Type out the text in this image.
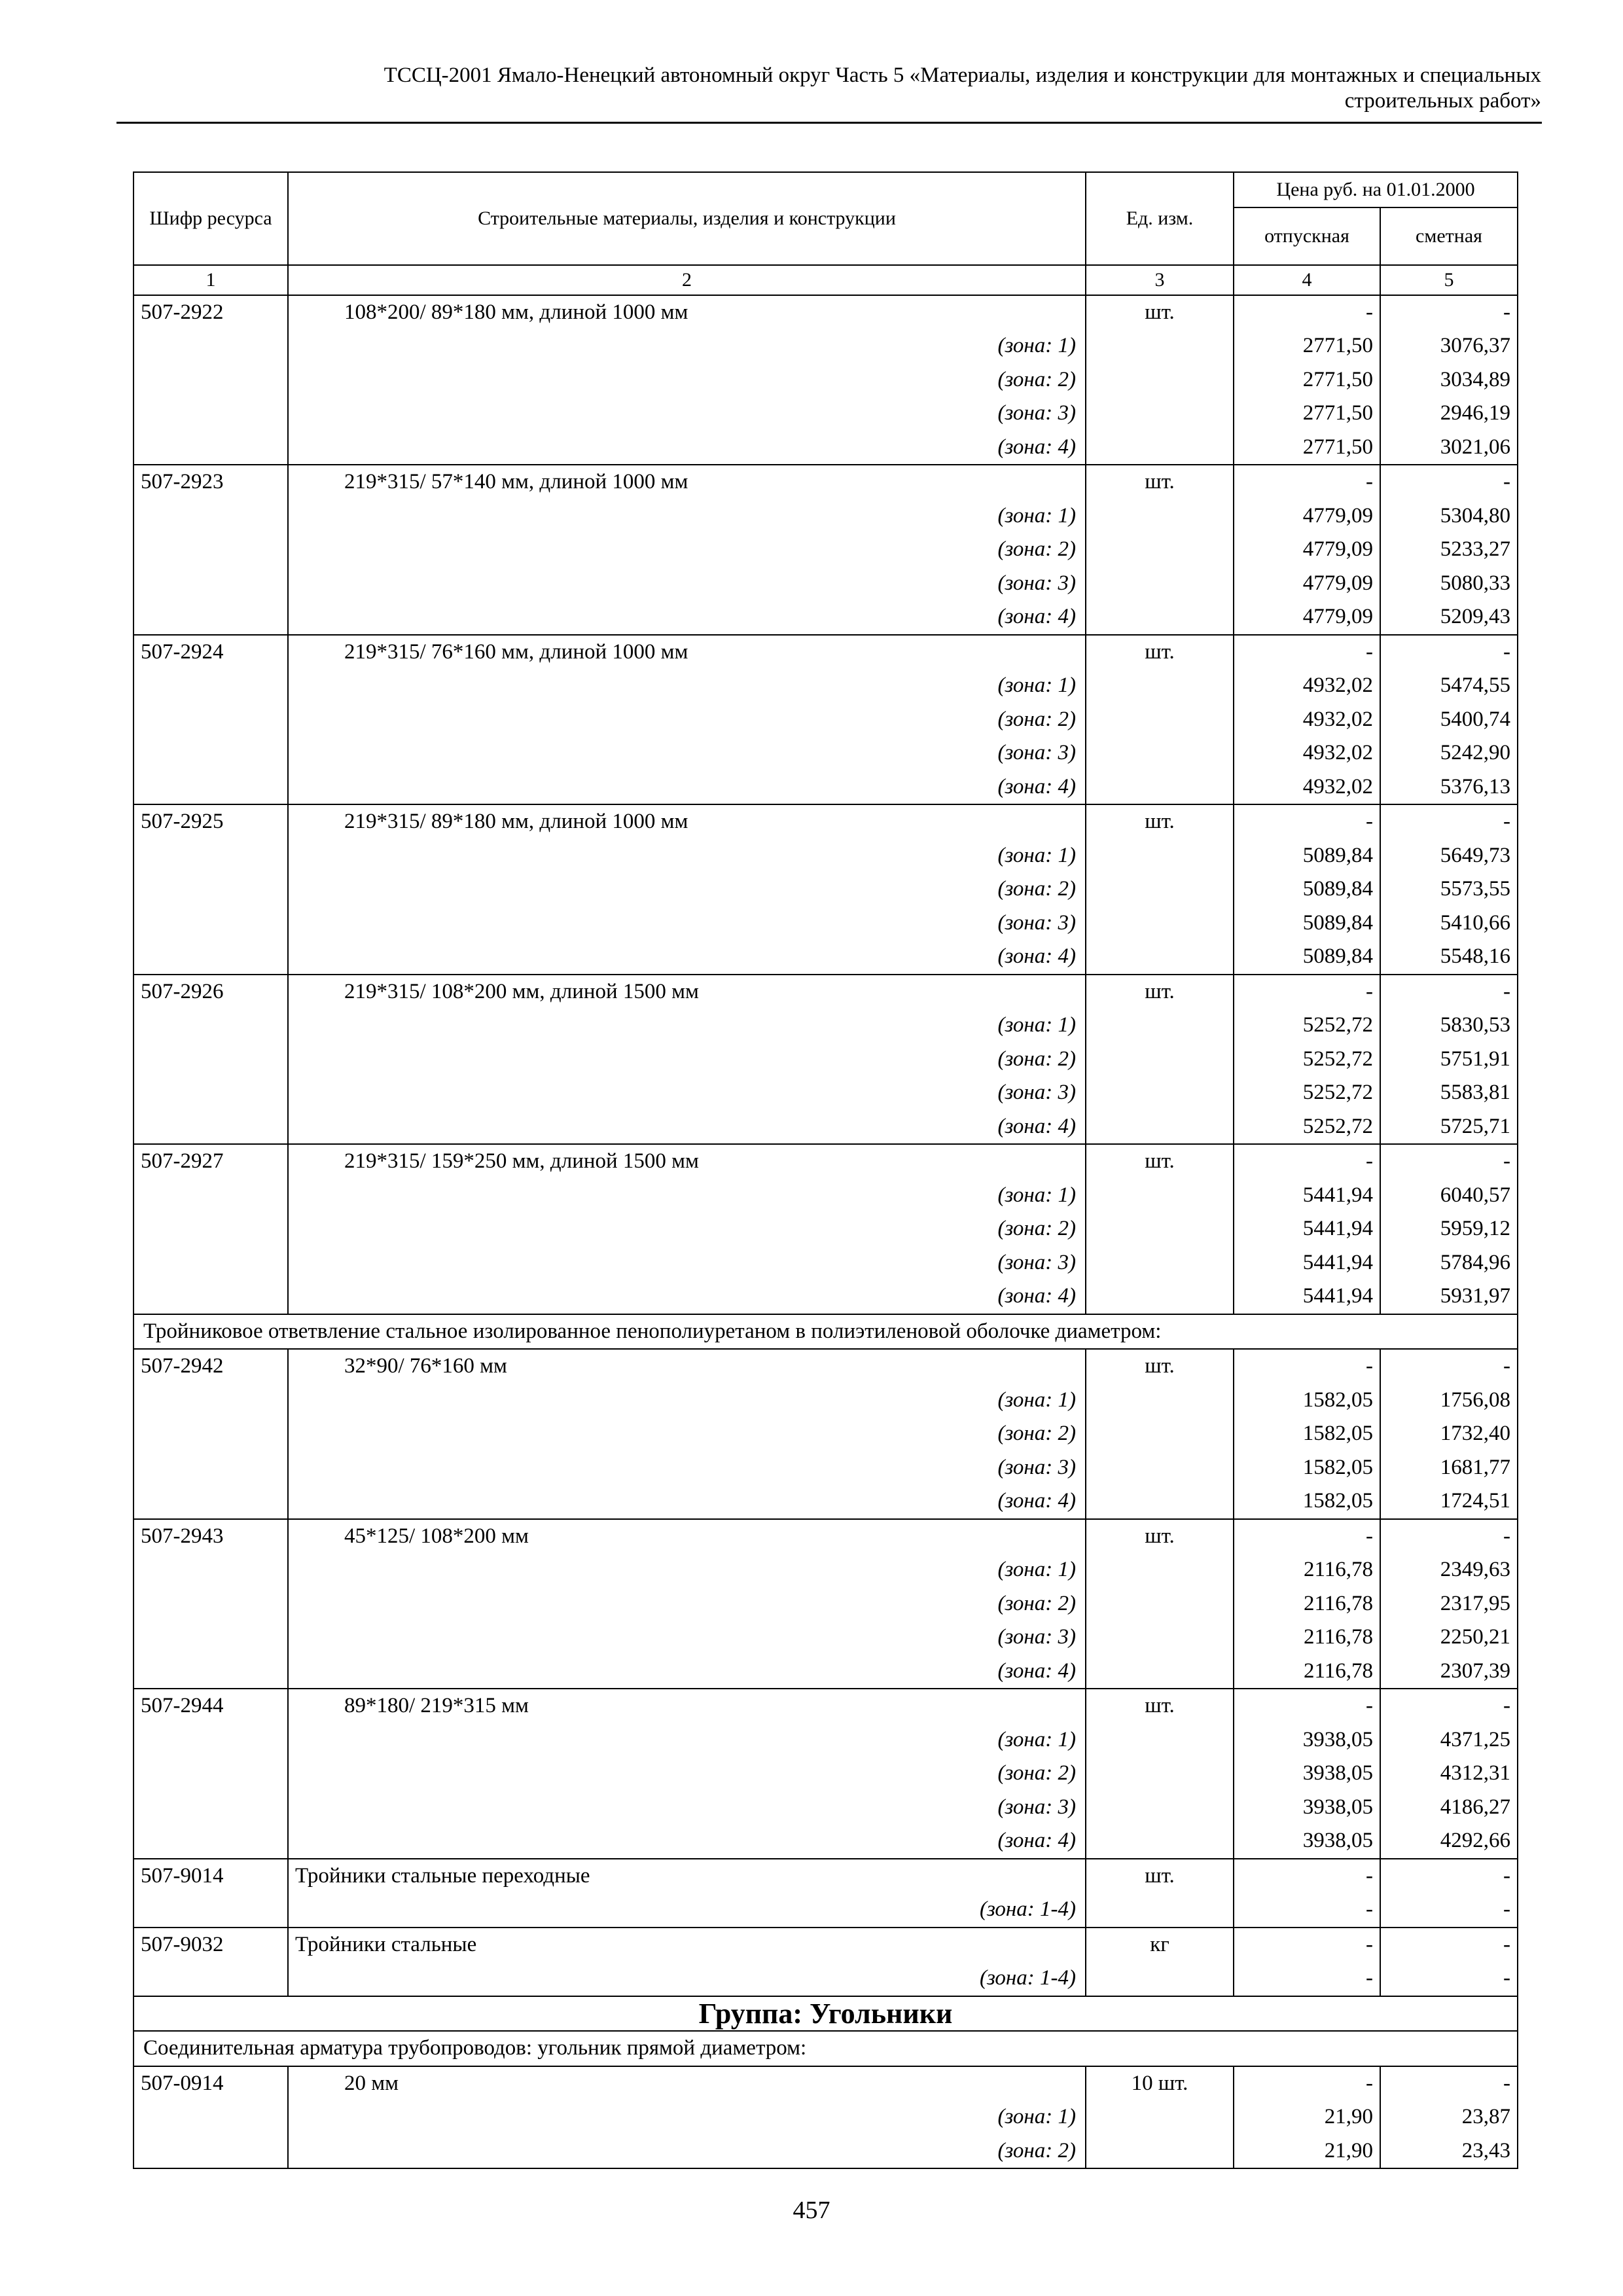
ТССЦ-2001 Ямало-Ненецкий автономный округ Часть 5 «Материалы, изделия и конструкции для монтажных и специальных
строительных работ»
Шифр ресурса	Строительные материалы, изделия и конструкции	Ед. изм.	Цена руб. на 01.01.2000	
			отпускная	сметная
1	2	3	4	5
507-2922	108*200/ 89*180 мм, длиной 1000 мм	шт.	-	-
	(зона: 1)		2771,50	3076,37
	(зона: 2)		2771,50	3034,89
	(зона: 3)		2771,50	2946,19
	(зона: 4)		2771,50	3021,06
507-2923	219*315/ 57*140 мм, длиной 1000 мм	шт.	-	-
	(зона: 1)		4779,09	5304,80
	(зона: 2)		4779,09	5233,27
	(зона: 3)		4779,09	5080,33
	(зона: 4)		4779,09	5209,43
507-2924	219*315/ 76*160 мм, длиной 1000 мм	шт.	-	-
	(зона: 1)		4932,02	5474,55
	(зона: 2)		4932,02	5400,74
	(зона: 3)		4932,02	5242,90
	(зона: 4)		4932,02	5376,13
507-2925	219*315/ 89*180 мм, длиной 1000 мм	шт.	-	-
	(зона: 1)		5089,84	5649,73
	(зона: 2)		5089,84	5573,55
	(зона: 3)		5089,84	5410,66
	(зона: 4)		5089,84	5548,16
507-2926	219*315/ 108*200 мм, длиной 1500 мм	шт.	-	-
	(зона: 1)		5252,72	5830,53
	(зона: 2)		5252,72	5751,91
	(зона: 3)		5252,72	5583,81
	(зона: 4)		5252,72	5725,71
507-2927	219*315/ 159*250 мм, длиной 1500 мм	шт.	-	-
	(зона: 1)		5441,94	6040,57
	(зона: 2)		5441,94	5959,12
	(зона: 3)		5441,94	5784,96
	(зона: 4)		5441,94	5931,97
Тройниковое ответвление стальное изолированное пенополиуретаном в полиэтиленовой оболочке диаметром:				
507-2942	32*90/ 76*160 мм	шт.	-	-
	(зона: 1)		1582,05	1756,08
	(зона: 2)		1582,05	1732,40
	(зона: 3)		1582,05	1681,77
	(зона: 4)		1582,05	1724,51
507-2943	45*125/ 108*200 мм	шт.	-	-
	(зона: 1)		2116,78	2349,63
	(зона: 2)		2116,78	2317,95
	(зона: 3)		2116,78	2250,21
	(зона: 4)		2116,78	2307,39
507-2944	89*180/ 219*315 мм	шт.	-	-
	(зона: 1)		3938,05	4371,25
	(зона: 2)		3938,05	4312,31
	(зона: 3)		3938,05	4186,27
	(зона: 4)		3938,05	4292,66
507-9014	Тройники стальные переходные	шт.	-	-
	(зона: 1-4)		-	-
507-9032	Тройники стальные	кг	-	-
	(зона: 1-4)		-	-
Группа: Угольники				
Соединительная арматура трубопроводов: угольник прямой диаметром:				
507-0914	20 мм	10 шт.	-	-
	(зона: 1)		21,90	23,87
	(зона: 2)		21,90	23,43
457
